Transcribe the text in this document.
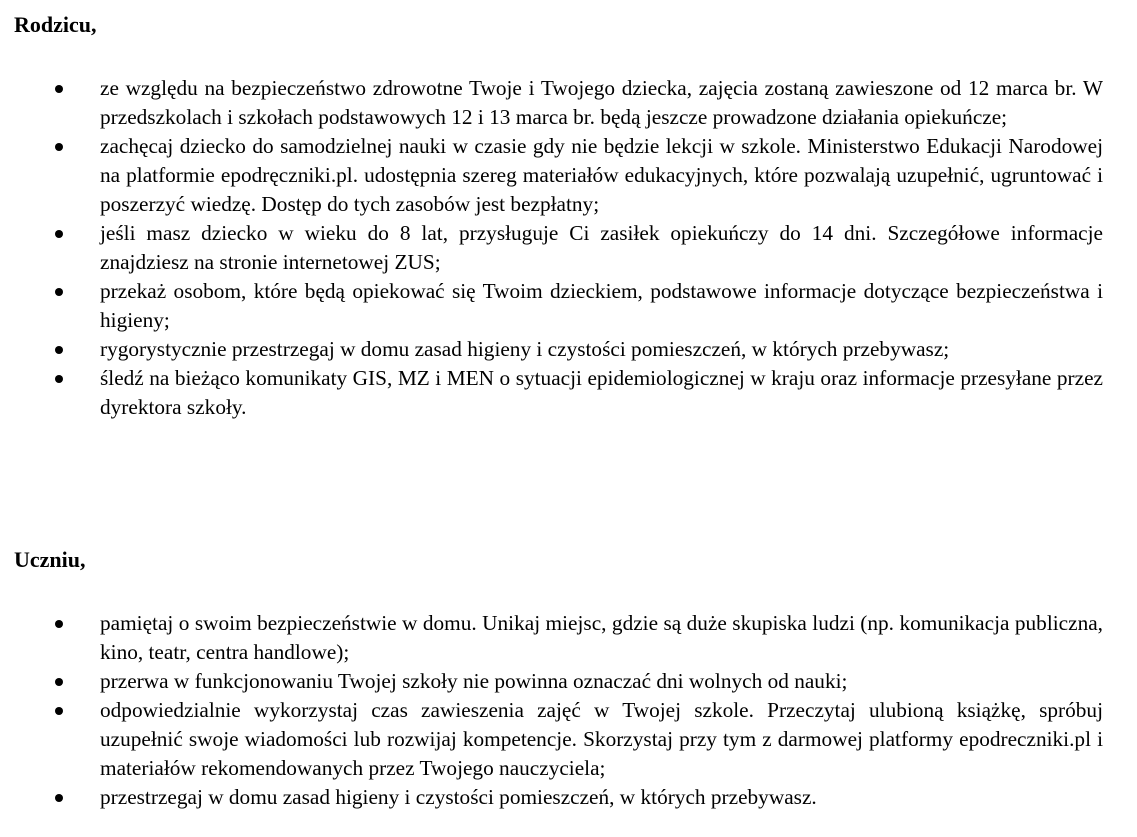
Rodzicu,
ze względu na bezpieczeństwo zdrowotne Twoje i Twojego dziecka, zajęcia zostaną zawieszone od 12 marca br. W przedszkolach i szkołach podstawowych 12 i 13 marca br. będą jeszcze prowadzone działania opiekuńcze;
zachęcaj dziecko do samodzielnej nauki w czasie gdy nie będzie lekcji w szkole. Ministerstwo Edukacji Narodowej na platformie epodręczniki.pl. udostępnia szereg materiałów edukacyjnych, które pozwalają uzupełnić, ugruntować i poszerzyć wiedzę. Dostęp do tych zasobów jest bezpłatny;
jeśli masz dziecko w wieku do 8 lat, przysługuje Ci zasiłek opiekuńczy do 14 dni. Szczegółowe informacje znajdziesz na stronie internetowej ZUS;
przekaż osobom, które będą opiekować się Twoim dzieckiem, podstawowe informacje dotyczące bezpieczeństwa i higieny;
rygorystycznie przestrzegaj w domu zasad higieny i czystości pomieszczeń, w których przebywasz;
śledź na bieżąco komunikaty GIS, MZ i MEN o sytuacji epidemiologicznej w kraju oraz informacje przesyłane przez dyrektora szkoły.
Uczniu,
pamiętaj o swoim bezpieczeństwie w domu. Unikaj miejsc, gdzie są duże skupiska ludzi (np. komunikacja publiczna, kino, teatr, centra handlowe);
przerwa w funkcjonowaniu Twojej szkoły nie powinna oznaczać dni wolnych od nauki;
odpowiedzialnie wykorzystaj czas zawieszenia zajęć w Twojej szkole. Przeczytaj ulubioną książkę, spróbuj uzupełnić swoje wiadomości lub rozwijaj kompetencje. Skorzystaj przy tym z darmowej platformy epodreczniki.pl i materiałów rekomendowanych przez Twojego nauczyciela;
przestrzegaj w domu zasad higieny i czystości pomieszczeń, w których przebywasz.
